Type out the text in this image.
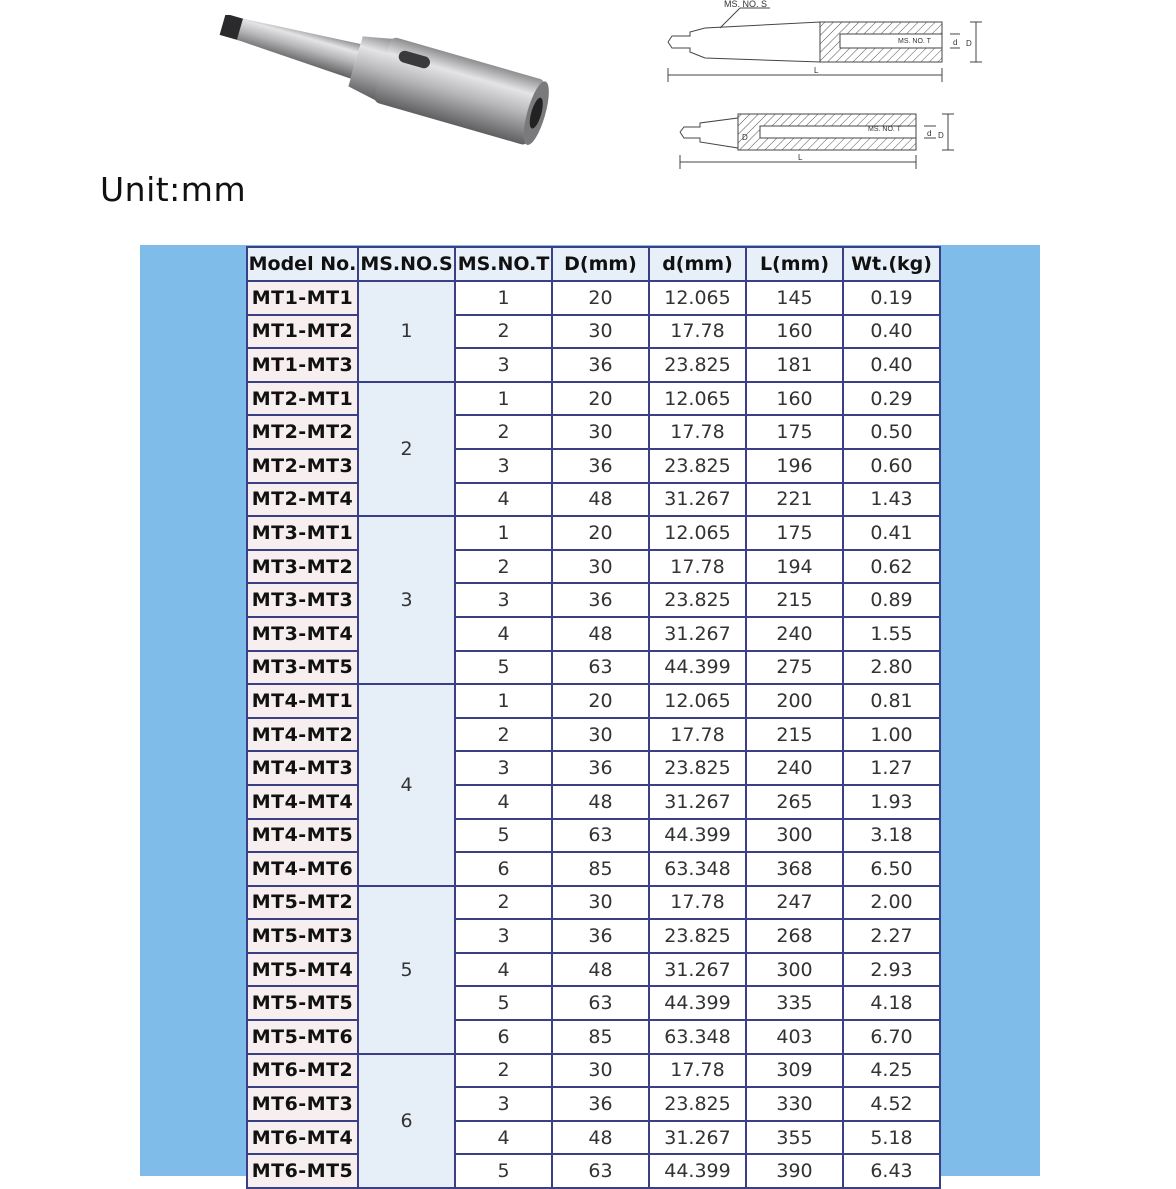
MS. NO. S
MS. NO. T
L
d D
MS. NO. T
L
d D
D
Unit:mm
Model No.	MS.NO.S	MS.NO.T	D(mm)	d(mm)	L(mm)	Wt.(kg)
MT1-MT1	1	1	20	12.065	145	0.19
MT1-MT2		2	30	17.78	160	0.40
MT1-MT3		3	36	23.825	181	0.40
MT2-MT1	2	1	20	12.065	160	0.29
MT2-MT2		2	30	17.78	175	0.50
MT2-MT3		3	36	23.825	196	0.60
MT2-MT4		4	48	31.267	221	1.43
MT3-MT1	3	1	20	12.065	175	0.41
MT3-MT2		2	30	17.78	194	0.62
MT3-MT3		3	36	23.825	215	0.89
MT3-MT4		4	48	31.267	240	1.55
MT3-MT5		5	63	44.399	275	2.80
MT4-MT1	4	1	20	12.065	200	0.81
MT4-MT2		2	30	17.78	215	1.00
MT4-MT3		3	36	23.825	240	1.27
MT4-MT4		4	48	31.267	265	1.93
MT4-MT5		5	63	44.399	300	3.18
MT4-MT6		6	85	63.348	368	6.50
MT5-MT2	5	2	30	17.78	247	2.00
MT5-MT3		3	36	23.825	268	2.27
MT5-MT4		4	48	31.267	300	2.93
MT5-MT5		5	63	44.399	335	4.18
MT5-MT6		6	85	63.348	403	6.70
MT6-MT2	6	2	30	17.78	309	4.25
MT6-MT3		3	36	23.825	330	4.52
MT6-MT4		4	48	31.267	355	5.18
MT6-MT5		5	63	44.399	390	6.43
